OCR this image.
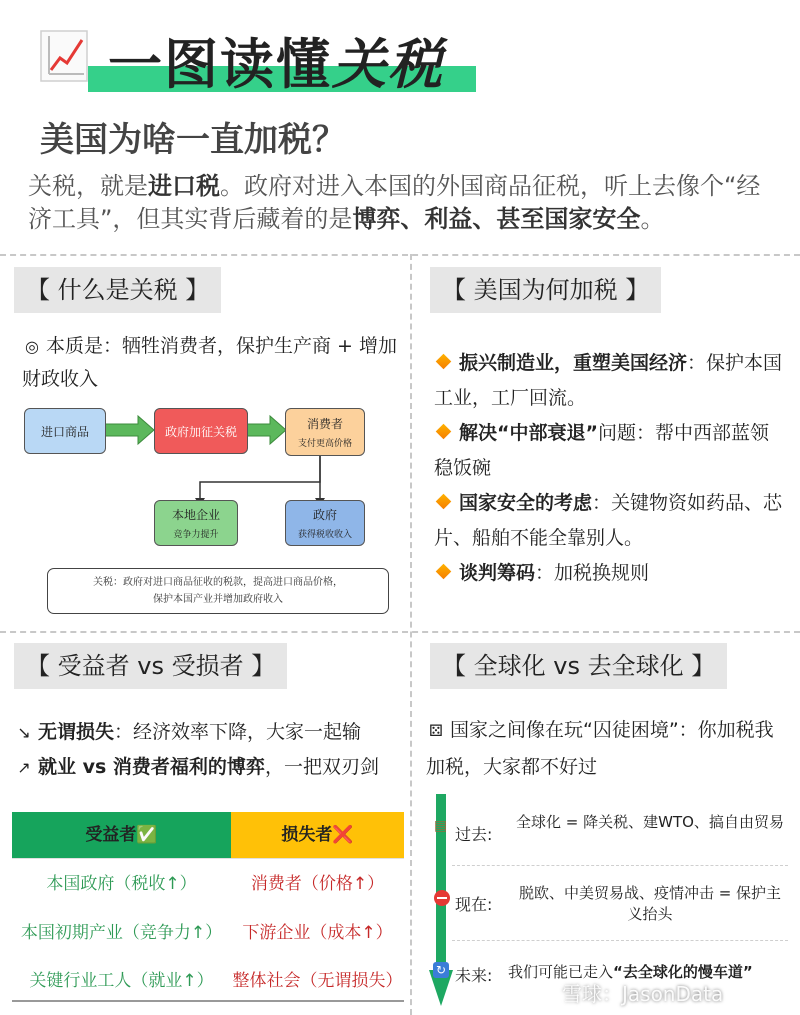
一图读懂关税
美国为啥一直加税？
关税，就是进口税。政府对进入本国的外国商品征税，听上去像个“经济工具”，但其实背后藏着的是博弈、利益、甚至国家安全。
【 什么是关税 】
◎ 本质是：牺牲消费者，保护生产商 + 增加财政收入
进口商品	政府加征关税
消费者
支付更高价格
本地企业
竞争力提升
政府
获得税收收入
关税：政府对进口商品征收的税款，提高进口商品价格，
保护本国产业并增加政府收入
【 美国为何加税 】
振兴制造业，重塑美国经济：保护本国工业，工厂回流。
解决“中部衰退”问题：帮中西部蓝领稳饭碗
国家安全的考虑：关键物资如药品、芯片、船舶不能全靠别人。
谈判筹码：加税换规则
【 受益者 vs 受损者 】
↘ 无谓损失：经济效率下降，大家一起输
↗ 就业 vs 消费者福利的博弈，一把双刃剑
受益者✅	损失者❌
本国政府（税收↑）	消费者（价格↑）
本国初期产业（竞争力↑）	下游企业（成本↑）
关键行业工人（就业↑）	整体社会（无谓损失）
【 全球化 vs 去全球化 】
⚄ 国家之间像在玩“囚徒困境”：你加税我加税，大家都不好过
▤ 过去:
全球化 = 降关税、建WTO、搞自由贸易
现在:
脱欧、中美贸易战、疫情冲击 = 保护主义抬头
↻ 未来: 我们可能已走入“去全球化的慢车道”
雪球：JasonData
